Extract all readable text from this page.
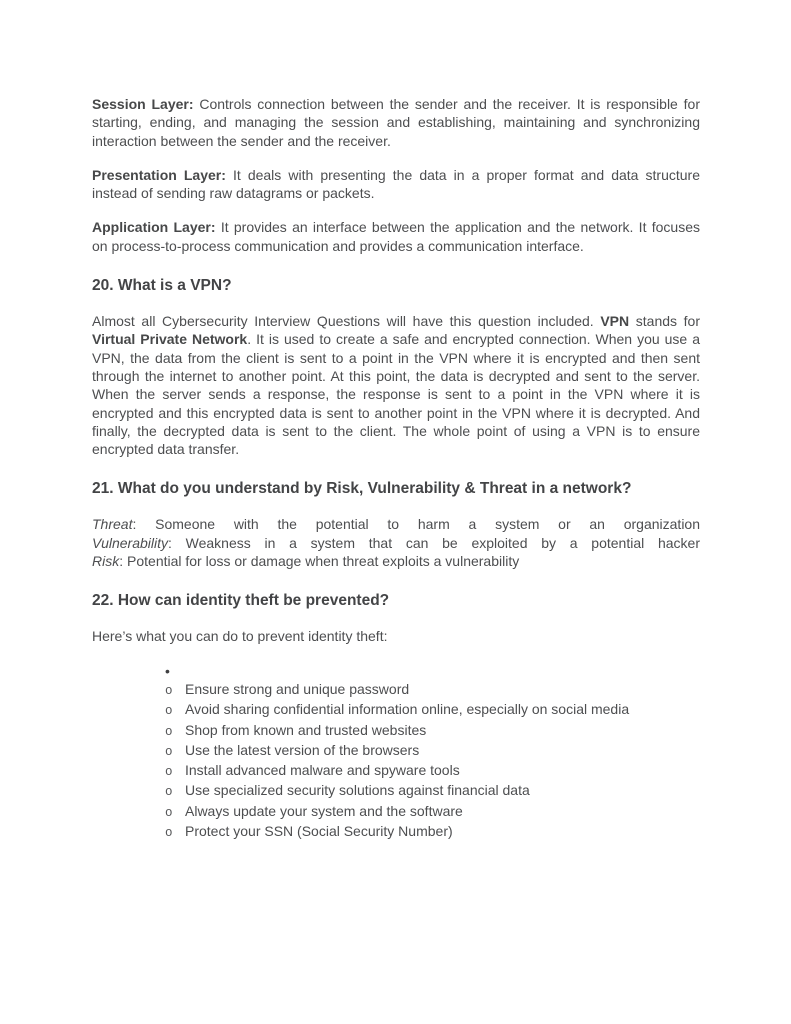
Session Layer: Controls connection between the sender and the receiver. It is responsible for starting, ending, and managing the session and establishing, maintaining and synchronizing interaction between the sender and the receiver.

Presentation Layer: It deals with presenting the data in a proper format and data structure instead of sending raw datagrams or packets.

Application Layer: It provides an interface between the application and the network. It focuses on process-to-process communication and provides a communication interface.

20. What is a VPN?

Almost all Cybersecurity Interview Questions will have this question included. VPN stands for Virtual Private Network. It is used to create a safe and encrypted connection. When you use a VPN, the data from the client is sent to a point in the VPN where it is encrypted and then sent through the internet to another point. At this point, the data is decrypted and sent to the server. When the server sends a response, the response is sent to a point in the VPN where it is encrypted and this encrypted data is sent to another point in the VPN where it is decrypted. And finally, the decrypted data is sent to the client. The whole point of using a VPN is to ensure encrypted data transfer.

21. What do you understand by Risk, Vulnerability & Threat in a network?
Threat: Someone with the potential to harm a system or an organization
Vulnerability: Weakness in a system that can be exploited by a potential hacker
Risk: Potential for loss or damage when threat exploits a vulnerability
22. How can identity theft be prevented?

Here’s what you can do to prevent identity theft:

•
o Ensure strong and unique password
o Avoid sharing confidential information online, especially on social media
o Shop from known and trusted websites
o Use the latest version of the browsers
o Install advanced malware and spyware tools
o Use specialized security solutions against financial data
o Always update your system and the software
o Protect your SSN (Social Security Number)
